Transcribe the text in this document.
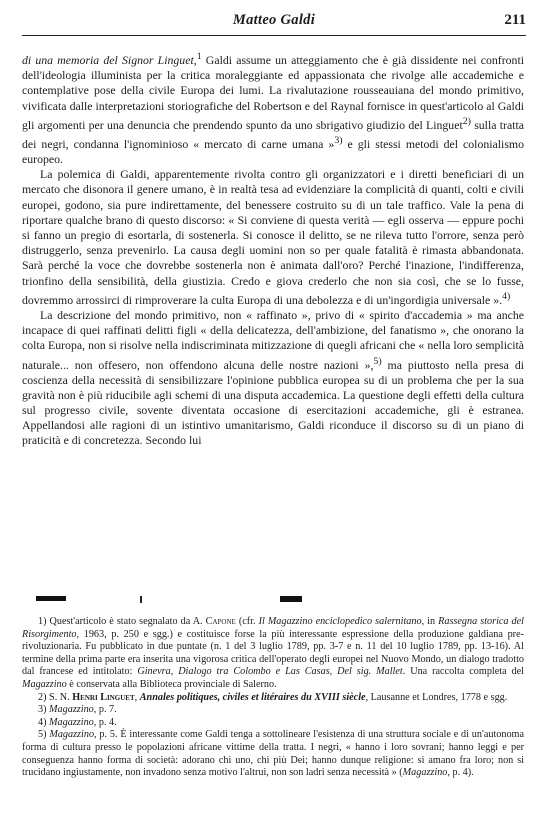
Matteo Galdi	211

di una memoria del Signor Linguet,$^1$ Galdi assume un atteggiamento che è già dissidente nei confronti dell'ideologia illuminista per la critica moraleggiante ed appassionata che rivolge alle accademiche e contemplative pose della civile Europa dei lumi. La rivalutazione rousseauiana del mondo primitivo, vivificata dalle interpretazioni storiografiche del Robertson e del Raynal fornisce in quest'articolo al Galdi gli argomenti per una denuncia che prendendo spunto da uno sbrigativo giudizio del Linguet$^{2)}$ sulla tratta dei negri, condanna l'ignominioso « mercato di carne umana »$^{3)}$ e gli stessi metodi del colonialismo europeo.

La polemica di Galdi, apparentemente rivolta contro gli organizzatori e i diretti beneficiari di un mercato che disonora il genere umano, è in realtà tesa ad evidenziare la complicità di quanti, colti e civili europei, godono, sia pure indirettamente, del benessere costruito su di un tale traffico. Vale la pena di riportare qualche brano di questo discorso: « Si conviene di questa verità — egli osserva — eppure pochi si fanno un pregio di esortarla, di sostenerla. Si conosce il delitto, se ne rileva tutto l'orrore, senza però distruggerlo, senza prevenirlo. La causa degli uomini non so per quale fatalità è rimasta abbandonata. Sarà perché la voce che dovrebbe sostenerla non è animata dall'oro? Perché l'inazione, l'indifferenza, trionfino della sensibilità, della giustizia. Credo e giova crederlo che non sia così, che se lo fusse, dovremmo arrossirci di rimproverare la culta Europa di una debolezza e di un'ingordigia universale ».$^{4)}$

La descrizione del mondo primitivo, non « raffinato », privo di « spirito d'accademia » ma anche incapace di quei raffinati delitti figli « della delicatezza, dell'ambizione, del fanatismo », che onorano la colta Europa, non si risolve nella indiscriminata mitizzazione di quegli africani che « nella loro semplicità naturale... non offesero, non offendono alcuna delle nostre nazioni »,$^{5)}$ ma piuttosto nella presa di coscienza della necessità di sensibilizzare l'opinione pubblica europea su di un problema che per la sua gravità non è più riducibile agli schemi di una disputa accademica. La questione degli effetti della cultura sul progresso civile, sovente diventata occasione di esercitazioni accademiche, gli è estranea. Appellandosi alle ragioni di un istintivo umanitarismo, Galdi riconduce il discorso su di un piano di praticità e di concretezza. Secondo lui

1) Quest'articolo è stato segnalato da A. Capone (cfr. Il Magazzino enciclopedico salernitano, in Rassegna storica del Risorgimento, 1963, p. 250 e sgg.) e costituisce forse la più interessante espressione della produzione galdiana pre-rivoluzionaria. Fu pubblicato in due puntate (n. 1 del 3 luglio 1789, pp. 3-7 e n. 11 del 10 luglio 1789, pp. 13-16). Al termine della prima parte era inserita una vigorosa critica dell'operato degli europei nel Nuovo Mondo, un dialogo tradotto dal francese ed intitolato: Ginevra, Dialogo tra Colombo e Las Casas, Del sig. Mallet. Una raccolta completa del Magazzino è conservata alla Biblioteca provinciale di Salerno.

2) S. N. Henri Linguet, Annales politiques, civiles et litéraires du XVIII siècle, Lausanne et Londres, 1778 e sgg.

3) Magazzino, p. 7.

4) Magazzino, p. 4.

5) Magazzino, p. 5. È interessante come Galdi tenga a sottolineare l'esistenza di una struttura sociale e di un'autonoma forma di cultura presso le popolazioni africane vittime della tratta. I negri, « hanno i loro sovrani; hanno leggi e per conseguenza hanno forma di società: adorano chi uno, chi più Dei; hanno dunque religione: si amano fra loro; non si trucidano ingiustamente, non invadono senza motivo l'altrui, non son ladri senza necessità » (Magazzino, p. 4).
